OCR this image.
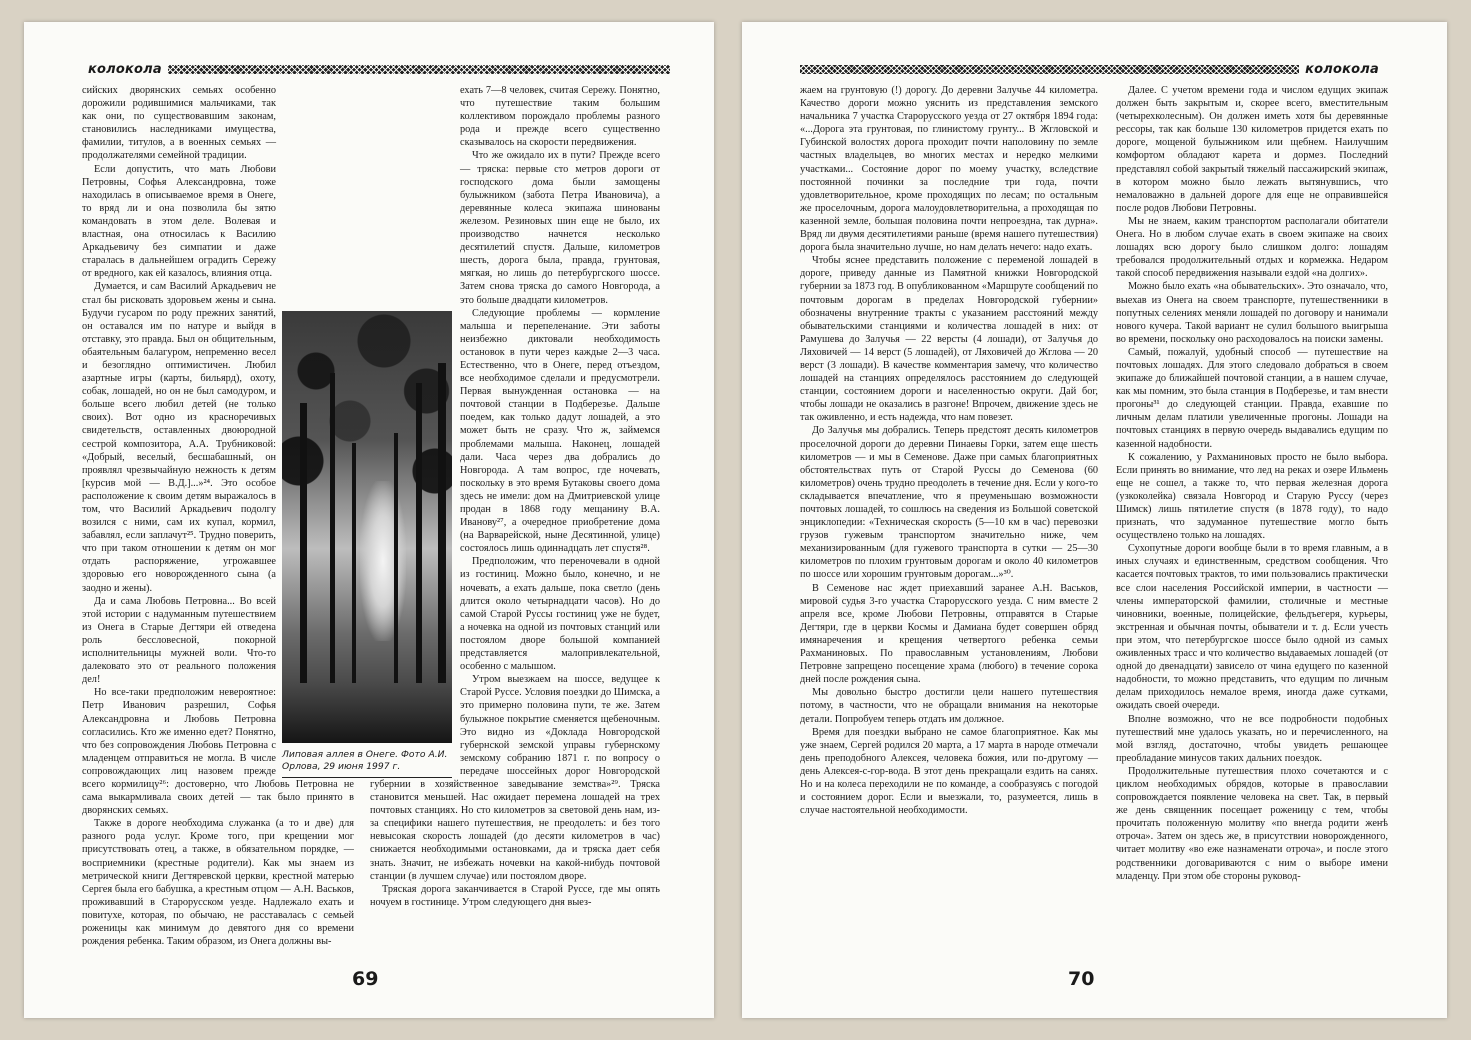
колокола

сийских дворянских семьях особенно дорожили родившимися мальчиками, так как они, по существовавшим законам, становились наследниками имущества, фамилии, титулов, а в военных семьях — продолжателями семейной традиции.

Если допустить, что мать Любови Петровны, Софья Александровна, тоже находилась в описываемое время в Онеге, то вряд ли и она позволила бы зятю командовать в этом деле. Волевая и властная, она относилась к Василию Аркадьевичу без симпатии и даже старалась в дальнейшем оградить Сережу от вредного, как ей казалось, влияния отца.

Думается, и сам Василий Аркадьевич не стал бы рисковать здоровьем жены и сына. Будучи гусаром по роду прежних занятий, он оставался им по натуре и выйдя в отставку, это правда. Был он общительным, обаятельным балагуром, непременно весел и безоглядно оптимистичен. Любил азартные игры (карты, бильярд), охоту, собак, лошадей, но он не был самодуром, и больше всего любил детей (не только своих). Вот одно из красноречивых свидетельств, оставленных двоюродной сестрой композитора, А.А. Трубниковой: «Добрый, веселый, бесшабашный, он проявлял чрезвычайную нежность к детям [курсив мой — В.Д.]...»²⁴. Это особое расположение к своим детям выражалось в том, что Василий Аркадьевич подолгу возился с ними, сам их купал, кормил, забавлял, если заплачут²⁵. Трудно поверить, что при таком отношении к детям он мог отдать распоряжение, угрожавшее здоровью его новорожденного сына (а заодно и жены).

Да и сама Любовь Петровна... Во всей этой истории с надуманным путешествием из Онега в Старые Дегтяри ей отведена роль бессловесной, покорной исполнительницы мужней воли. Что-то далековато это от реального положения дел!

Но все-таки предположим невероятное: Петр Иванович разрешил, Софья Александровна и Любовь Петровна согласились. Кто же именно едет? Понятно, что без сопровождения Любовь Петровна с младенцем отправиться не могла. В числе сопровождающих лиц назовем прежде всего кормилицу²⁶: достоверно, что Любовь Петровна не сама выкармливала своих детей — так было принято в дворянских семьях.

Также в дороге необходима служанка (а то и две) для разного рода услуг. Кроме того, при крещении мог присутствовать отец, а также, в обязательном порядке, — восприемники (крестные родители). Как мы знаем из метрической книги Дегтяревской церкви, крестной матерью Сергея была его бабушка, а крестным отцом — А.Н. Васьков, проживавший в Старорусском уезде. Надлежало ехать и повитухе, которая, по обычаю, не расставалась с семьей роженицы как минимум до девятого дня со времени рождения ребенка. Таким образом, из Онега должны вы-

ехать 7—8 человек, считая Сережу. Понятно, что путешествие таким большим коллективом порождало проблемы разного рода и прежде всего существенно сказывалось на скорости передвижения.

Что же ожидало их в пути? Прежде всего — тряска: первые сто метров дороги от господского дома были замощены булыжником (забота Петра Ивановича), а деревянные колеса экипажа шинованы железом. Резиновых шин еще не было, их производство начнется несколько десятилетий спустя. Дальше, километров шесть, дорога была, правда, грунтовая, мягкая, но лишь до петербургского шоссе. Затем снова тряска до самого Новгорода, а это больше двадцати километров.

Следующие проблемы — кормление малыша и перепеленание. Эти заботы неизбежно диктовали необходимость остановок в пути через каждые 2—3 часа. Естественно, что в Онеге, перед отъездом, все необходимое сделали и предусмотрели. Первая вынужденная остановка — на почтовой станции в Подберезье. Дальше поедем, как только дадут лошадей, а это может быть не сразу. Что ж, займемся проблемами малыша. Наконец, лошадей дали. Часа через два добрались до Новгорода. А там вопрос, где ночевать, поскольку в это время Бутаковы своего дома здесь не имели: дом на Дмитриевской улице продан в 1868 году мещанину В.А. Иванову²⁷, а очередное приобретение дома (на Варварейской, ныне Десятинной, улице) состоялось лишь одиннадцать лет спустя²⁸.

Предположим, что переночевали в одной из гостиниц. Можно было, конечно, и не ночевать, а ехать дальше, пока светло (день длится около четырнадцати часов). Но до самой Старой Руссы гостиниц уже не будет, а ночевка на одной из почтовых станций или постоялом дворе большой компанией представляется малопривлекательной, особенно с малышом.

Утром выезжаем на шоссе, ведущее к Старой Руссе. Условия поездки до Шимска, а это примерно половина пути, те же. Затем булыжное покрытие сменяется щебеночным. Это видно из «Доклада Новгородской губернской земской управы губернскому земскому собранию 1871 г. по вопросу о передаче шоссейных дорог Новгородской губернии в хозяйственное заведывание земства»²⁹. Тряска становится меньшей. Нас ожидает перемена лошадей на трех почтовых станциях. Но сто километров за световой день нам, из-за специфики нашего путешествия, не преодолеть: и без того невысокая скорость лошадей (до десяти километров в час) снижается необходимыми остановками, да и тряска дает себя знать. Значит, не избежать ночевки на какой-нибудь почтовой станции (в лучшем случае) или постоялом дворе.

Тряская дорога заканчивается в Старой Руссе, где мы опять ночуем в гостинице. Утром следующего дня выез-

Липовая аллея в Онеге. Фото А.И. Орлова, 29 июня 1997 г.
69
колокола

жаем на грунтовую (!) дорогу. До деревни Залучье 44 километра. Качество дороги можно уяснить из представления земского начальника 7 участка Старорусского уезда от 27 октября 1894 года: «...Дорога эта грунтовая, по глинистому грунту... В Жгловской и Губинской волостях дорога проходит почти наполовину по земле частных владельцев, во многих местах и нередко мелкими участками... Состояние дорог по моему участку, вследствие постоянной починки за последние три года, почти удовлетворительное, кроме проходящих по лесам; по остальным же проселочным, дорога малоудовлетворительна, а проходящая по казенной земле, большая половина почти непроездна, так дурна». Вряд ли двумя десятилетиями раньше (время нашего путешествия) дорога была значительно лучше, но нам делать нечего: надо ехать.

Чтобы яснее представить положение с переменой лошадей в дороге, приведу данные из Памятной книжки Новгородской губернии за 1873 год. В опубликованном «Маршруте сообщений по почтовым дорогам в пределах Новгородской губернии» обозначены внутренние тракты с указанием расстояний между обывательскими станциями и количества лошадей в них: от Рамушева до Залучья — 22 версты (4 лошади), от Залучья до Ляховичей — 14 верст (5 лошадей), от Ляховичей до Жглова — 20 верст (3 лошади). В качестве комментария замечу, что количество лошадей на станциях определялось расстоянием до следующей станции, состоянием дороги и населенностью округи. Дай бог, чтобы лошади не оказались в разгоне! Впрочем, движение здесь не так оживленно, и есть надежда, что нам повезет.

До Залучья мы добрались. Теперь предстоят десять километров проселочной дороги до деревни Пинаевы Горки, затем еще шесть километров — и мы в Семенове. Даже при самых благоприятных обстоятельствах путь от Старой Руссы до Семенова (60 километров) очень трудно преодолеть в течение дня. Если у кого-то складывается впечатление, что я преуменьшаю возможности почтовых лошадей, то сошлюсь на сведения из Большой советской энциклопедии: «Техническая скорость (5—10 км в час) перевозки грузов гужевым транспортом значительно ниже, чем механизированным (для гужевого транспорта в сутки — 25—30 километров по плохим грунтовым дорогам и около 40 километров по шоссе или хорошим грунтовым дорогам...»³⁰.

В Семенове нас ждет приехавший заранее А.Н. Васьков, мировой судья 3-го участка Старорусского уезда. С ним вместе 2 апреля все, кроме Любови Петровны, отправятся в Старые Дегтяри, где в церкви Космы и Дамиана будет совершен обряд имянаречения и крещения четвертого ребенка семьи Рахманиновых. По православным установлениям, Любови Петровне запрещено посещение храма (любого) в течение сорока дней после рождения сына.

Мы довольно быстро достигли цели нашего путешествия потому, в частности, что не обращали внимания на некоторые детали. Попробуем теперь отдать им должное.

Время для поездки выбрано не самое благоприятное. Как мы уже знаем, Сергей родился 20 марта, а 17 марта в народе отмечали день преподобного Алексея, человека божия, или по-другому — день Алексея-с-гор-вода. В этот день прекращали ездить на санях. Но и на колеса переходили не по команде, а сообразуясь с погодой и состоянием дорог. Если и выезжали, то, разумеется, лишь в случае настоятельной необходимости.

Далее. С учетом времени года и числом едущих экипаж должен быть закрытым и, скорее всего, вместительным (четырехколесным). Он должен иметь хотя бы деревянные рессоры, так как больше 130 километров придется ехать по дороге, мощеной булыжником или щебнем. Наилучшим комфортом обладают карета и дормез. Последний представлял собой закрытый тяжелый пассажирский экипаж, в котором можно было лежать вытянувшись, что немаловажно в дальней дороге для еще не оправившейся после родов Любови Петровны.

Мы не знаем, каким транспортом располагали обитатели Онега. Но в любом случае ехать в своем экипаже на своих лошадях всю дорогу было слишком долго: лошадям требовался продолжительный отдых и кормежка. Недаром такой способ передвижения называли ездой «на долгих».

Можно было ехать «на обывательских». Это означало, что, выехав из Онега на своем транспорте, путешественники в попутных селениях меняли лошадей по договору и нанимали нового кучера. Такой вариант не сулил большого выигрыша во времени, поскольку оно расходовалось на поиски замены.

Самый, пожалуй, удобный способ — путешествие на почтовых лошадях. Для этого следовало добраться в своем экипаже до ближайшей почтовой станции, а в нашем случае, как мы помним, это была станция в Подберезье, и там внести прогоны³¹ до следующей станции. Правда, ехавшие по личным делам платили увеличенные прогоны. Лошади на почтовых станциях в первую очередь выдавались едущим по казенной надобности.

К сожалению, у Рахманиновых просто не было выбора. Если принять во внимание, что лед на реках и озере Ильмень еще не сошел, а также то, что первая железная дорога (узкоколейка) связала Новгород и Старую Руссу (через Шимск) лишь пятилетие спустя (в 1878 году), то надо признать, что задуманное путешествие могло быть осуществлено только на лошадях.

Сухопутные дороги вообще были в то время главным, а в иных случаях и единственным, средством сообщения. Что касается почтовых трактов, то ими пользовались практически все слои населения Российской империи, в частности — члены императорской фамилии, столичные и местные чиновники, военные, полицейские, фельдъегеря, курьеры, экстренная и обычная почты, обыватели и т. д. Если учесть при этом, что петербургское шоссе было одной из самых оживленных трасс и что количество выдаваемых лошадей (от одной до двенадцати) зависело от чина едущего по казенной надобности, то можно представить, что едущим по личным делам приходилось немалое время, иногда даже сутками, ожидать своей очереди.

Вполне возможно, что не все подробности подобных путешествий мне удалось указать, но и перечисленного, на мой взгляд, достаточно, чтобы увидеть решающее преобладание минусов таких дальних поездок.

Продолжительные путешествия плохо сочетаются и с циклом необходимых обрядов, которые в православии сопровождается появление человека на свет. Так, в первый же день священник посещает роженицу с тем, чтобы прочитать положенную молитву «по внегда родити женѣ отроча». Затем он здесь же, в присутствии новорожденного, читает молитву «во еже назнаменати отроча», и после этого родственники договариваются с ним о выборе имени младенцу. При этом обе стороны руковод-

70
